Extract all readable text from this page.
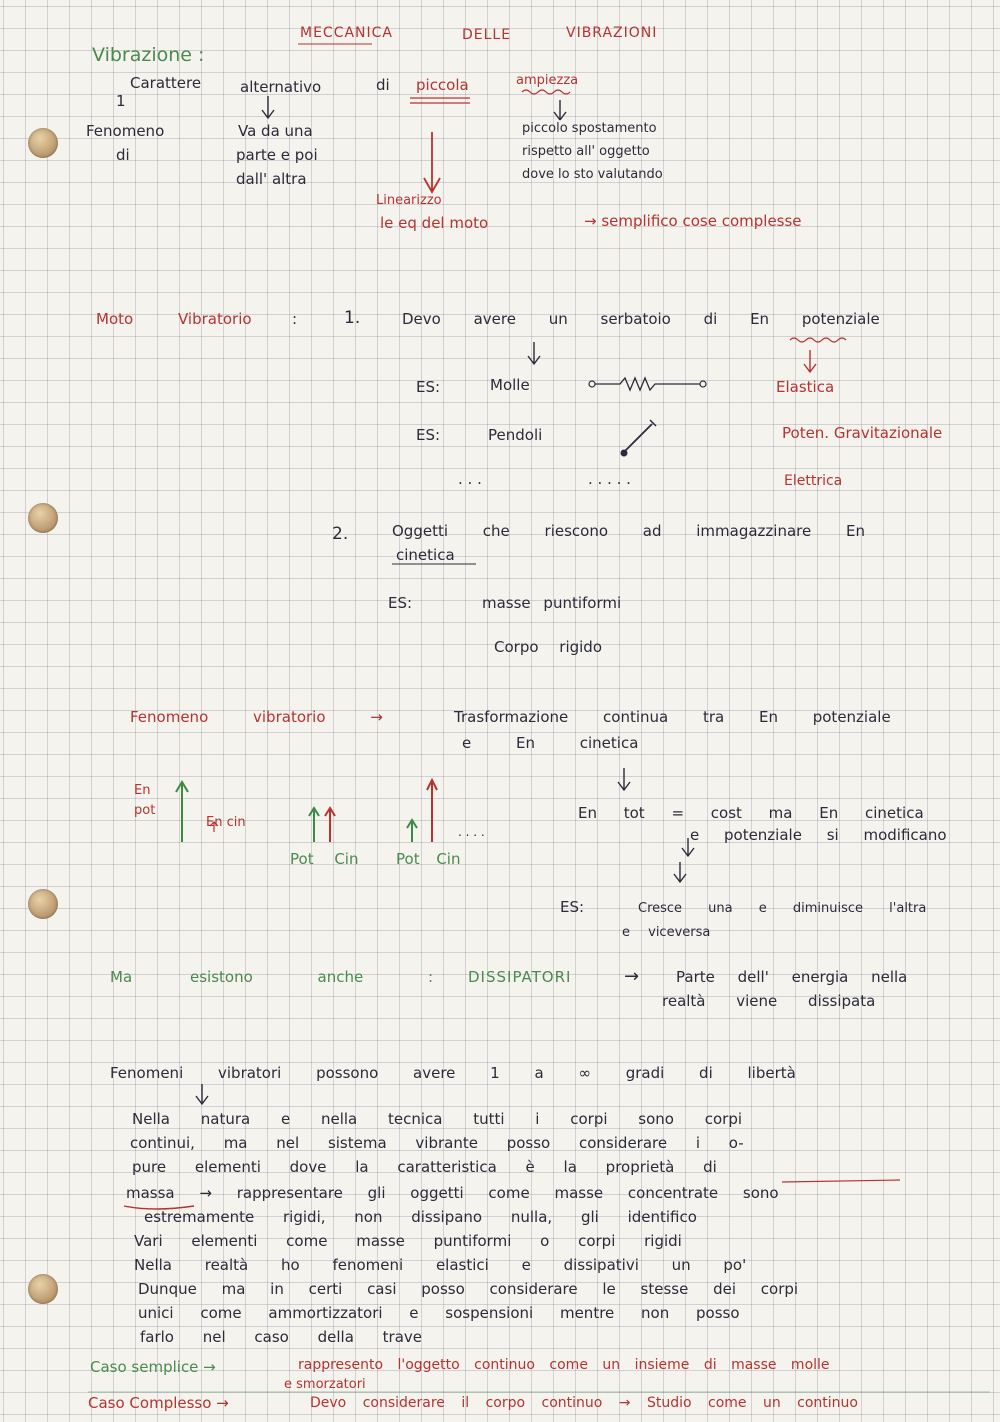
MECCANICA	DELLE	VIBRAZIONI
Vibrazione :
Carattere	alternativo	di piccola	ampiezza
1
Fenomeno
di
Va da una
parte e poi
dall' altra
piccolo spostamento
rispetto all' oggetto
dove lo sto valutando
Linearizzo
le eq del moto	→ semplifico cose complesse
Moto	Vibratorio	:	1.	Devo avere un serbatoio di En potenziale
ES:	Molle
ES:	Pendoli
. . .	. . . . .
Elastica
Poten. Gravitazionale
Elettrica
2.	Oggetti che riescono ad immagazzinare En
cinetica
ES:	masse puntiformi
Corpo rigido
Fenomeno vibratorio →	Trasformazione continua tra En potenziale
e En cinetica
En
pot
En cin
Pot Cin	Pot Cin
. . . .
En tot = cost ma En cinetica
e potenziale si modificano
ES:	Cresce una e diminuisce l'altra
e viceversa
Ma	esistono anche : DISSIPATORI	→ Parte dell' energia nella
realtà viene dissipata
Fenomeni vibratori possono avere 1 a ∞ gradi di libertà
Nella natura e nella tecnica tutti i corpi sono corpi
continui, ma nel sistema vibrante posso considerare i o-
pure elementi dove la caratteristica è la proprietà di
massa → rappresentare gli oggetti come masse concentrate sono
estremamente rigidi, non dissipano nulla, gli identifico
Vari elementi come masse puntiformi o corpi rigidi
Nella realtà ho fenomeni elastici e dissipativi un po'
Dunque ma in certi casi posso considerare le stesse dei corpi
unici come ammortizzatori e sospensioni mentre non posso
farlo nel caso della trave
Caso semplice →	rappresento l'oggetto continuo come un insieme di masse molle
e smorzatori
Caso Complesso →	Devo considerare il corpo continuo → Studio come un continuo
